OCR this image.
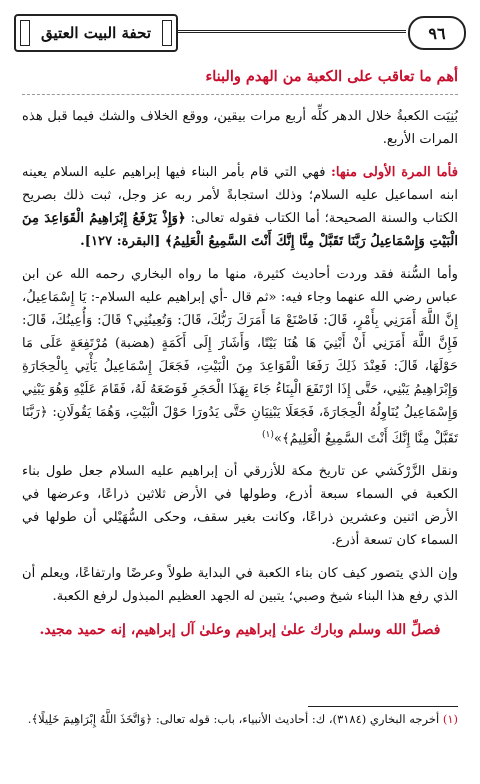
٩٦
تحفة البيت العتيق
أهم ما تعاقب على الكعبة من الهدم والبناء

بُنِيَت الكعبةُ خلال الدهر كلِّه أربع مرات بيقين، ووقع الخلاف والشك فيما قبل هذه المرات الأربع.

فأما المرة الأولى منها: فهي التي قام بأمر البناء فيها إبراهيم عليه السلام يعينه ابنه اسماعيل عليه السلام؛ وذلك استجابةً لأمر ربه عز وجل، ثبت ذلك بصريح الكتاب والسنة الصحيحة؛ أما الكتاب فقوله تعالى: ﴿وَإِذْ يَرْفَعُ إِبْرَاهِيمُ الْقَوَاعِدَ مِنَ الْبَيْتِ وَإِسْمَاعِيلُ رَبَّنَا تَقَبَّلْ مِنَّا إِنَّكَ أَنْتَ السَّمِيعُ الْعَلِيمُ﴾ [البقرة: ١٢٧].

وأما السُّنة فقد وردت أحاديث كثيرة، منها ما رواه البخاري رحمه الله عن ابن عباس رضي الله عنهما وجاء فيه: «ثم قال -أي إبراهيم عليه السلام-: يَا إِسْمَاعِيلُ، إِنَّ اللَّهَ أَمَرَنِي بِأَمْرٍ، قَالَ: فَاصْنَعْ مَا أَمَرَكَ رَبُّكَ، قَالَ: وَتُعِينُنِي؟ قَالَ: وَأُعِينُكَ، قَالَ: فَإِنَّ اللَّهَ أَمَرَنِي أَنْ أَبْنِيَ هَا هُنَا بَيْتًا، وَأَشَارَ إِلَى أَكَمَةٍ (هضبة) مُرْتَفِعَةٍ عَلَى مَا حَوْلَهَا، قَالَ: فَعِنْدَ ذَلِكَ رَفَعَا الْقَوَاعِدَ مِنَ الْبَيْتِ، فَجَعَلَ إِسْمَاعِيلُ يَأْتِي بِالْحِجَارَةِ وَإِبْرَاهِيمُ يَبْنِي، حَتَّى إِذَا ارْتَفَعَ الْبِنَاءُ جَاءَ بِهَذَا الْحَجَرِ فَوَضَعَهُ لَهُ، فَقَامَ عَلَيْهِ وَهُوَ يَبْنِي وَإِسْمَاعِيلُ يُنَاوِلُهُ الْحِجَارَةَ، فَجَعَلَا يَبْنِيَانِ حَتَّى يَدُورَا حَوْلَ الْبَيْتِ، وَهُمَا يَقُولَانِ: ﴿رَبَّنَا تَقَبَّلْ مِنَّا إِنَّكَ أَنْتَ السَّمِيعُ الْعَلِيمُ﴾»$^{(١)}$

ونقل الزَّرْكَشي عن تاريخ مكة للأزرقي أن إبراهيم عليه السلام جعل طول بناء الكعبة في السماء سبعة أذرع، وطولها في الأرض ثلاثين ذراعًا، وعرضها في الأرض اثنين وعشرين ذراعًا، وكانت بغير سقف، وحكى السُّهَيْلي أن طولها في السماء كان تسعة أذرع.

وإن الذي يتصور كيف كان بناء الكعبة في البداية طولاً وعرضًا وارتفاعًا، ويعلم أن الذي رفع هذا البناء شيخ وصبي؛ يتبين له الجهد العظيم المبذول لرفع الكعبة.

فصلِّ الله وسلم وبارك علىٰ إبراهيم وعلىٰ آل إبراهيم، إنه حميد مجيد.
(١) أخرجه البخاري (٣١٨٤)، ك: أحاديث الأنبياء، باب: قوله تعالى: ﴿وَاتَّخَذَ اللَّهُ إِبْرَاهِيمَ خَلِيلًا﴾.
